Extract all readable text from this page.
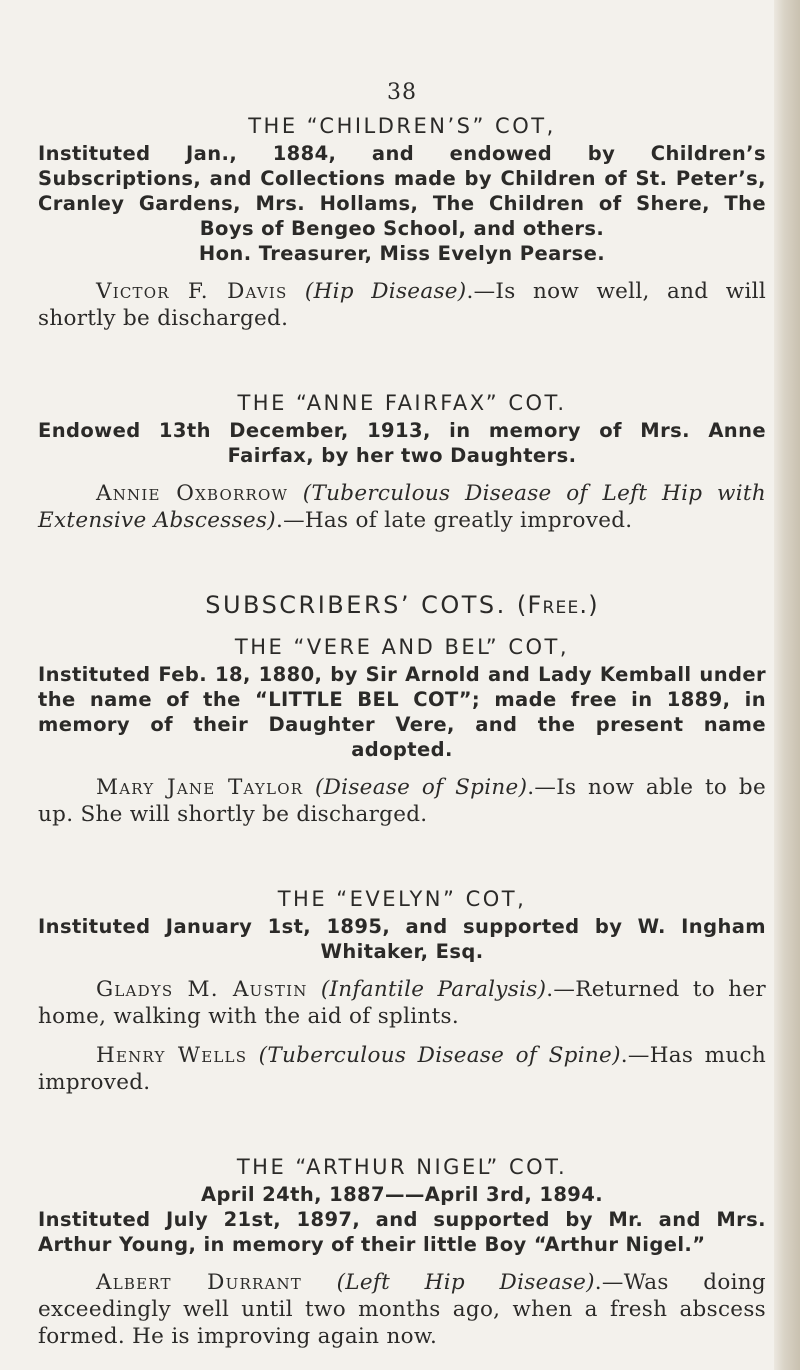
38
THE “CHILDREN’S” COT,
Instituted Jan., 1884, and endowed by Children’s Subscriptions, and Collections made by Children of St. Peter’s, Cranley Gardens, Mrs. Hollams, The Children of Shere, The Boys of Bengeo School, and others.
Hon. Treasurer, Miss Evelyn Pearse.

Victor F. Davis (Hip Disease).—Is now well, and will shortly be discharged.

THE “ANNE FAIRFAX” COT.
Endowed 13th December, 1913, in memory of Mrs. Anne Fairfax, by her two Daughters.

Annie Oxborrow (Tuberculous Disease of Left Hip with Extensive Abscesses).—Has of late greatly improved.

SUBSCRIBERS’ COTS. (Free.)
THE “VERE AND BEL” COT,
Instituted Feb. 18, 1880, by Sir Arnold and Lady Kemball under the name of the “LITTLE BEL COT”; made free in 1889, in memory of their Daughter Vere, and the present name adopted.

Mary Jane Taylor (Disease of Spine).—Is now able to be up. She will shortly be discharged.

THE “EVELYN” COT,
Instituted January 1st, 1895, and supported by W. Ingham Whitaker, Esq.

Gladys M. Austin (Infantile Paralysis).—Returned to her home, walking with the aid of splints.

Henry Wells (Tuberculous Disease of Spine).—Has much improved.

THE “ARTHUR NIGEL” COT.
April 24th, 1887——April 3rd, 1894.
Instituted July 21st, 1897, and supported by Mr. and Mrs. Arthur Young, in memory of their little Boy “Arthur Nigel.”

Albert Durrant (Left Hip Disease).—Was doing exceedingly well until two months ago, when a fresh abscess formed. He is improving again now.
